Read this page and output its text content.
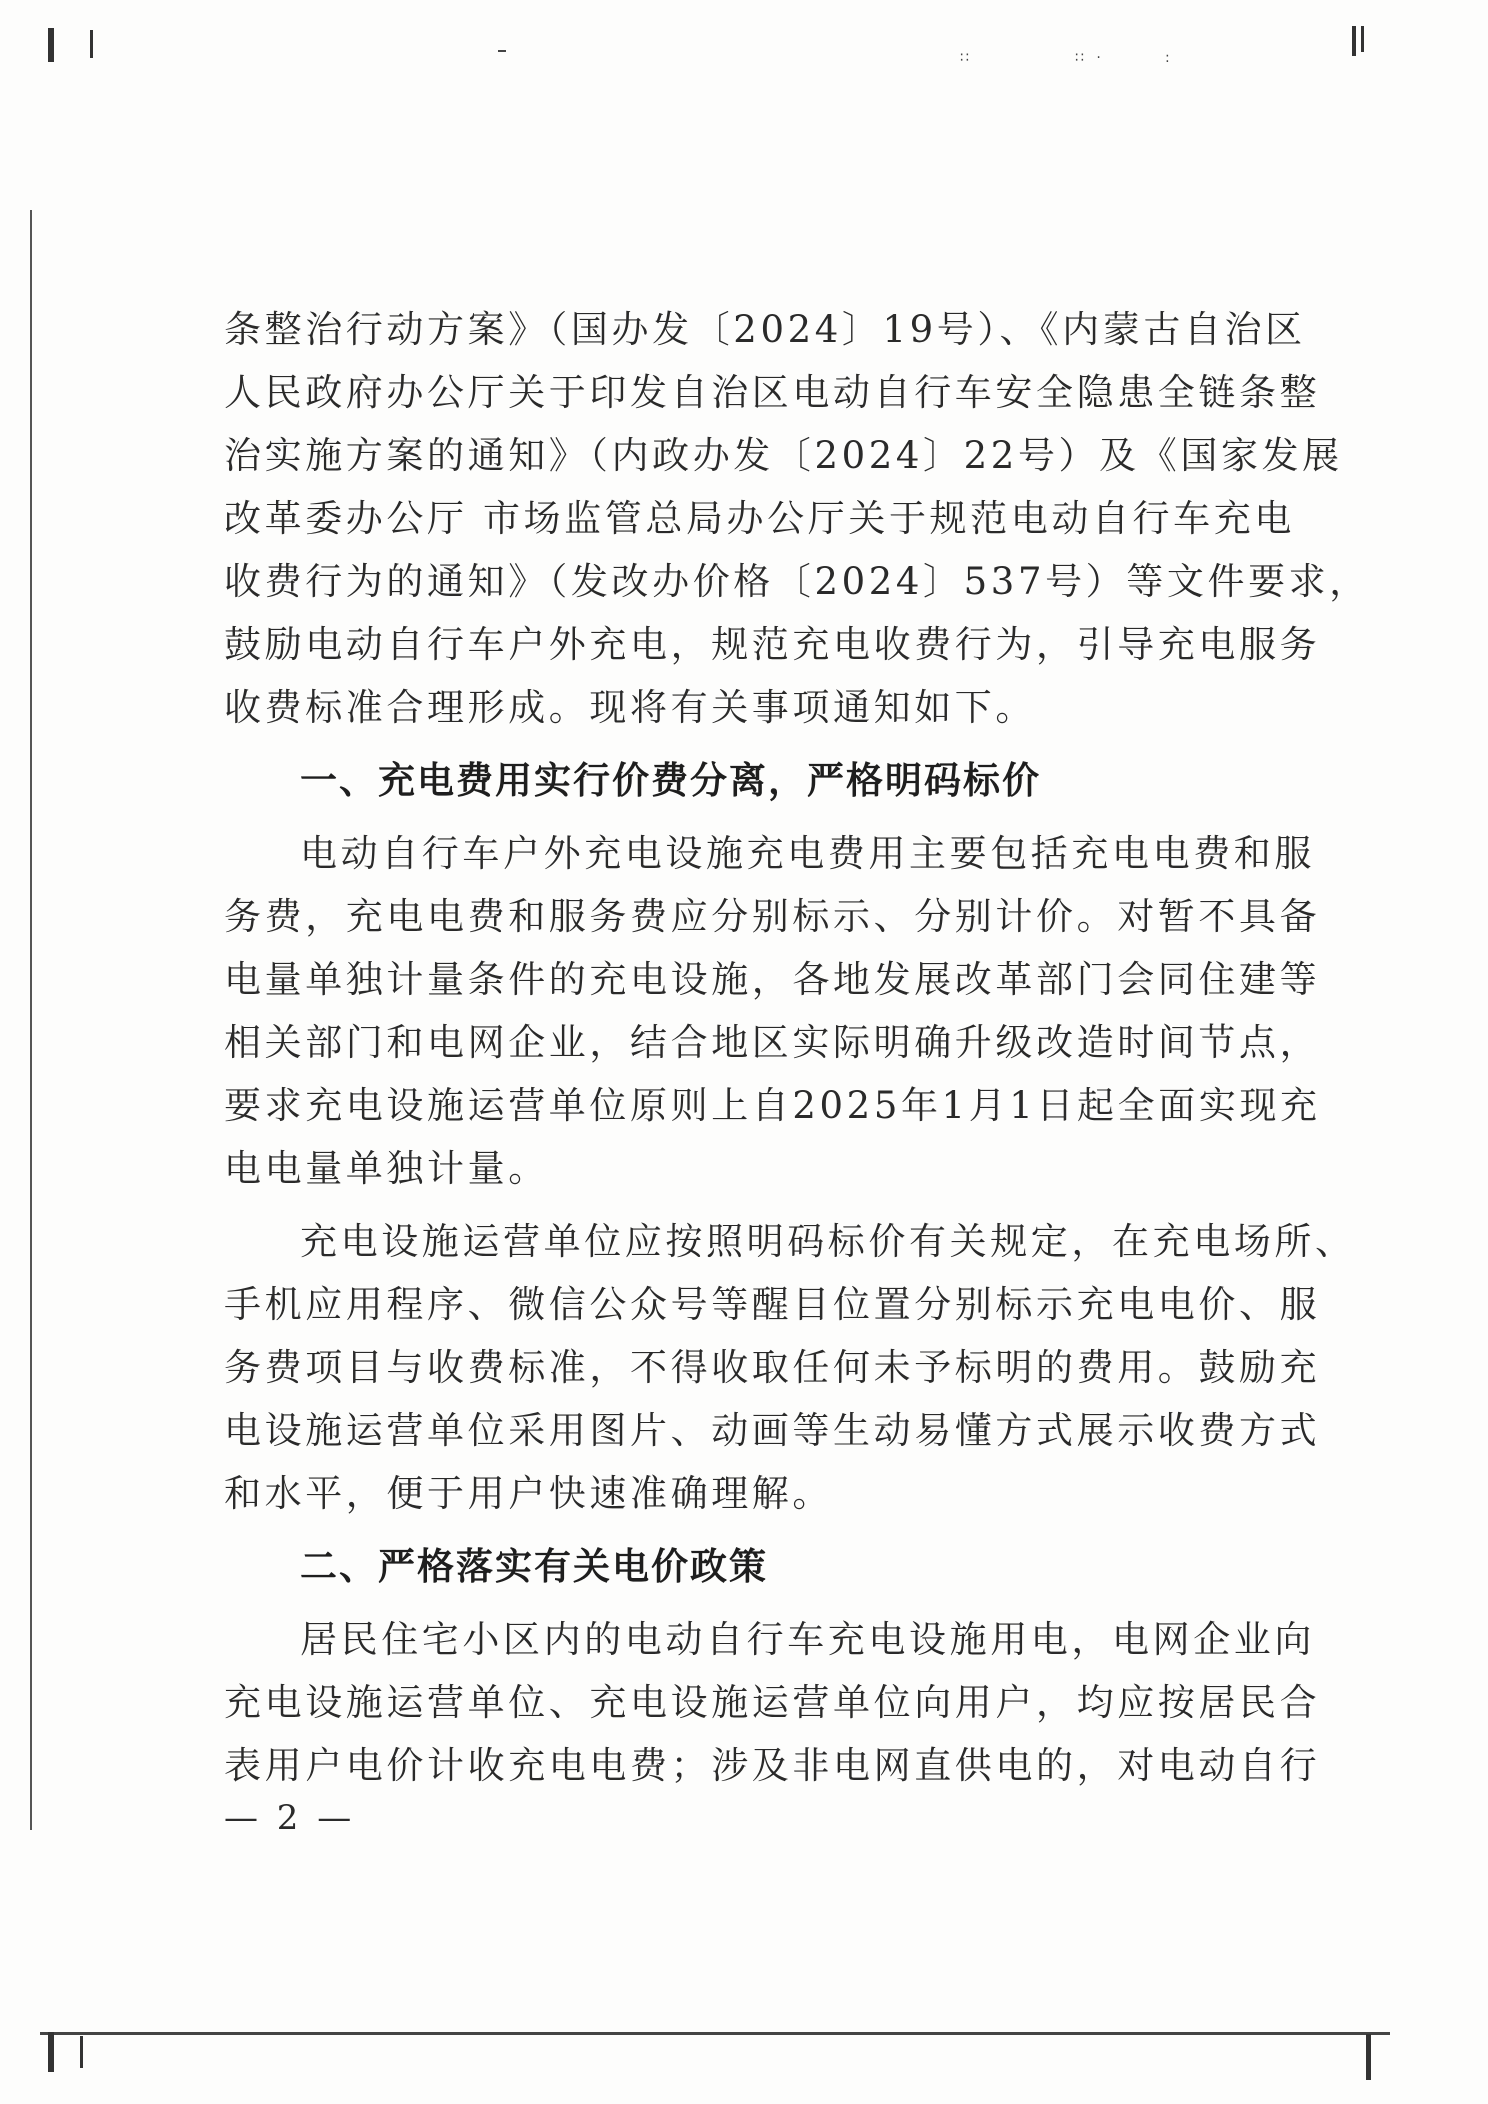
∷	∷ ·	:
条整治行动方案》（国办发〔2024〕19号）、《内蒙古自治区
人民政府办公厅关于印发自治区电动自行车安全隐患全链条整
治实施方案的通知》（内政办发〔2024〕22号）及《国家发展
改革委办公厅 市场监管总局办公厅关于规范电动自行车充电
收费行为的通知》（发改办价格〔2024〕537号）等文件要求，
鼓励电动自行车户外充电，规范充电收费行为，引导充电服务
收费标准合理形成。现将有关事项通知如下。
一、充电费用实行价费分离，严格明码标价
电动自行车户外充电设施充电费用主要包括充电电费和服
务费，充电电费和服务费应分别标示、分别计价。对暂不具备
电量单独计量条件的充电设施，各地发展改革部门会同住建等
相关部门和电网企业，结合地区实际明确升级改造时间节点，
要求充电设施运营单位原则上自2025年1月1日起全面实现充
电电量单独计量。
充电设施运营单位应按照明码标价有关规定，在充电场所、
手机应用程序、微信公众号等醒目位置分别标示充电电价、服
务费项目与收费标准，不得收取任何未予标明的费用。鼓励充
电设施运营单位采用图片、动画等生动易懂方式展示收费方式
和水平，便于用户快速准确理解。
二、严格落实有关电价政策
居民住宅小区内的电动自行车充电设施用电，电网企业向
充电设施运营单位、充电设施运营单位向用户，均应按居民合
表用户电价计收充电电费；涉及非电网直供电的，对电动自行
— 2 —
